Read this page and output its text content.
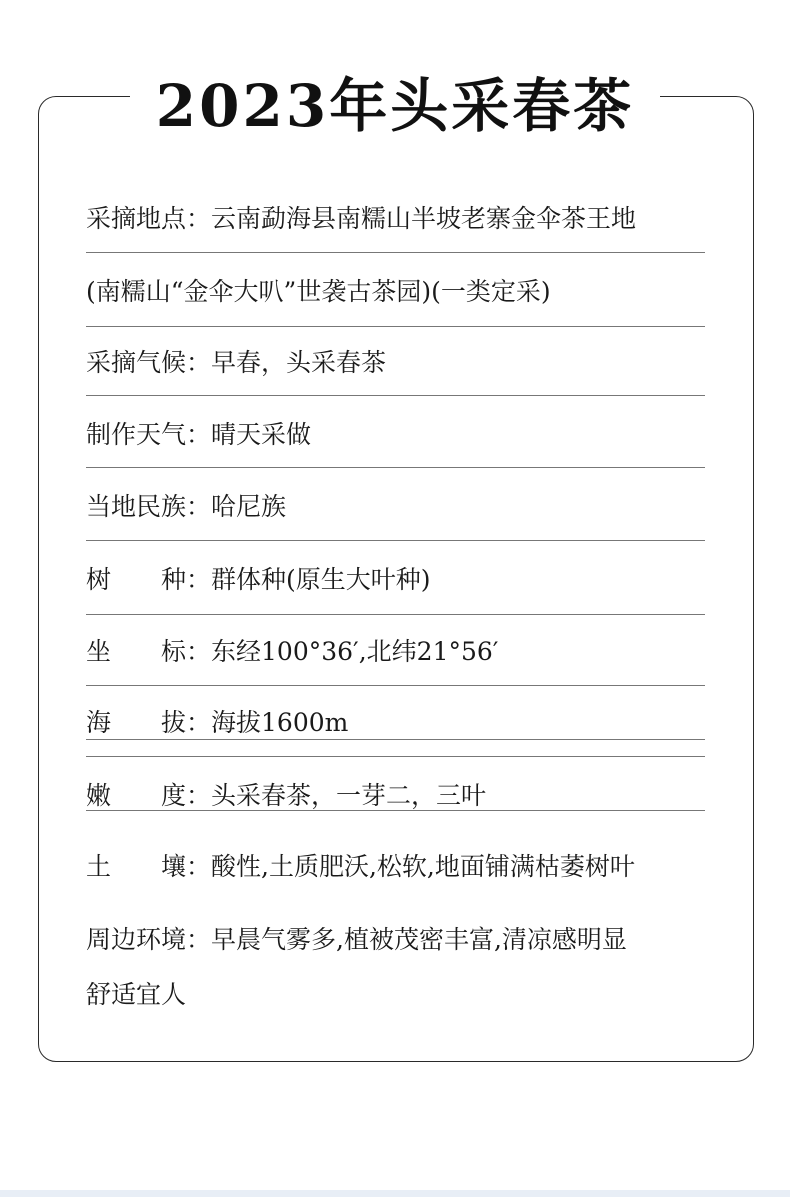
2023年头采春茶
采摘地点：云南勐海县南糯山半坡老寨金伞茶王地
(南糯山“金伞大叭”世袭古茶园)(一类定采)
采摘气候：早春，头采春茶
制作天气：晴天采做
当地民族：哈尼族
树　　种：群体种(原生大叶种)
坐　　标：东经100°36′,北纬21°56′
海　　拔：海拔1600m
嫩　　度：头采春茶，一芽二，三叶
土　　壤：酸性,土质肥沃,松软,地面铺满枯萎树叶
周边环境：早晨气雾多,植被茂密丰富,清凉感明显
舒适宜人
